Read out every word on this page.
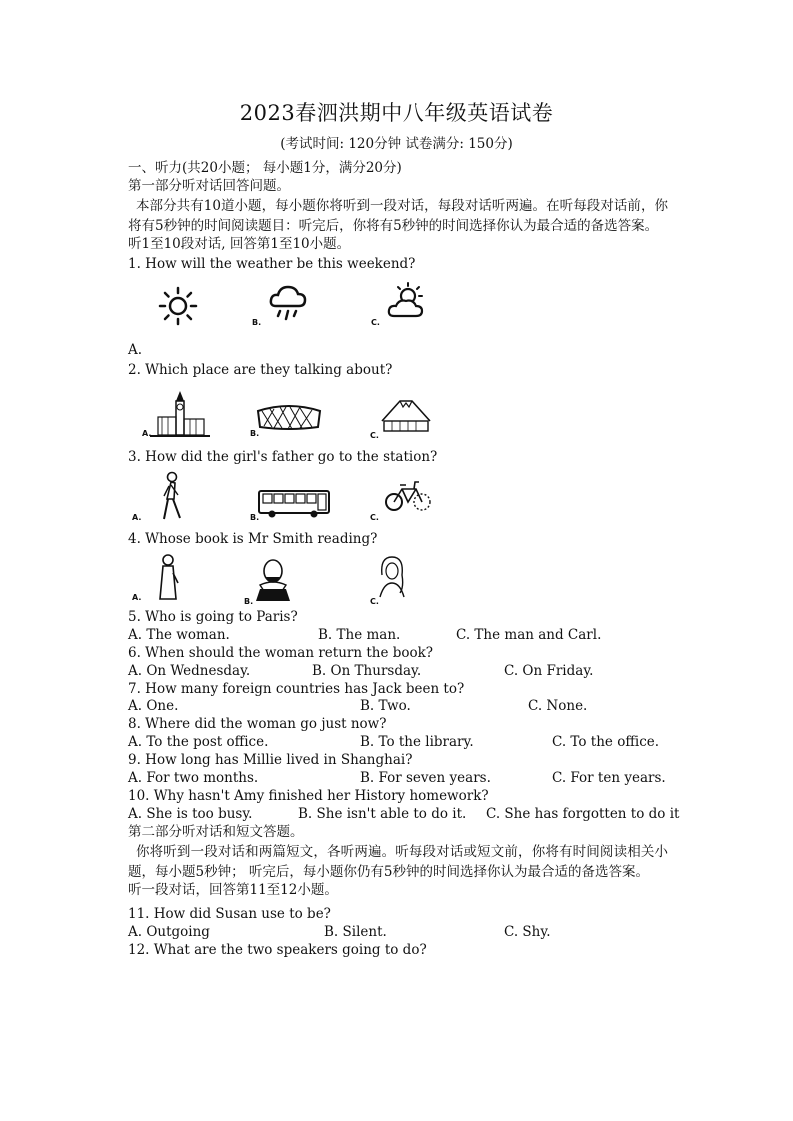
2023春泗洪期中八年级英语试卷
(考试时间: 120分钟 试卷满分: 150分)

一、听力(共20小题； 每小题1分，满分20分)

第一部分听对话回答问题。

本部分共有10道小题，每小题你将听到一段对话，每段对话听两遍。在听每段对话前，你将有5秒钟的时间阅读题目：听完后，你将有5秒钟的时间选择你认为最合适的备选答案。

听1至10段对话, 回答第1至10小题。

1. How will the weather be this weekend?

B.	C.

A.

2. Which place are they talking about?

A.	B.	C.

3. How did the girl's father go to the station?

A.	B.	C.

4. Whose book is Mr Smith reading?

A.	B.	C.

5. Who is going to Paris?

A. The woman.	B. The man.	C. The man and Carl.

6. When should the woman return the book?

A. On Wednesday.	B. On Thursday.	C. On Friday.

7. How many foreign countries has Jack been to?

A. One.	B. Two.	C. None.

8. Where did the woman go just now?

A. To the post office.	B. To the library.	C. To the office.

9. How long has Millie lived in Shanghai?

A. For two months.	B. For seven years.	C. For ten years.

10. Why hasn't Amy finished her History homework?

A. She is too busy.	B. She isn't able to do it. C. She has forgotten to do it

第二部分听对话和短文答题。

你将听到一段对话和两篇短文，各听两遍。听每段对话或短文前，你将有时间阅读相关小题，每小题5秒钟； 听完后，每小题你仍有5秒钟的时间选择你认为最合适的备选答案。

听一段对话，回答第11至12小题。

11. How did Susan use to be?

A. Outgoing	B. Silent.	C. Shy.

12. What are the two speakers going to do?
